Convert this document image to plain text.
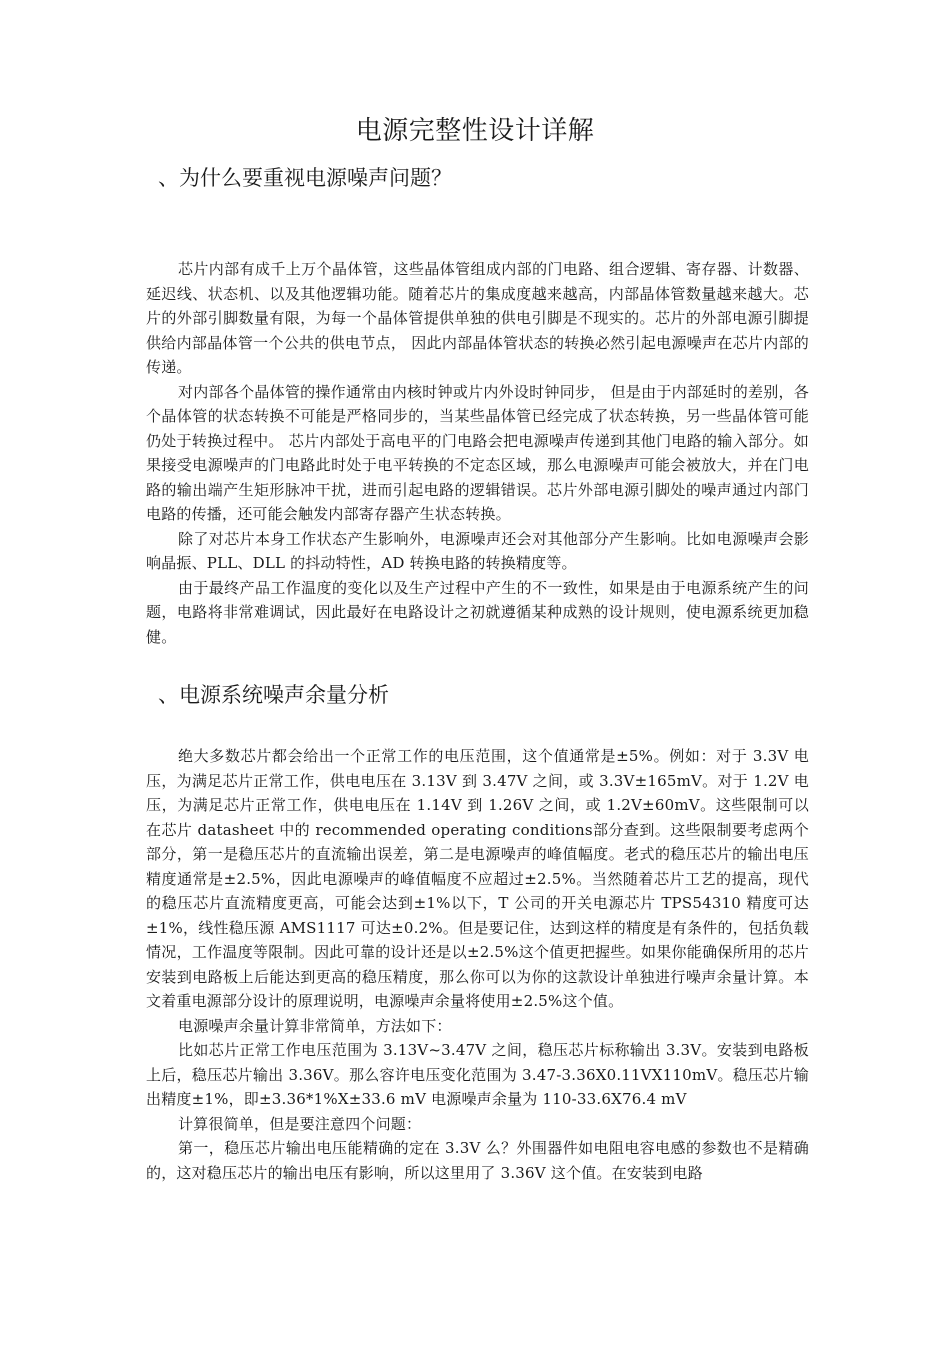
电源完整性设计详解
、为什么要重视电源噪声问题？

芯片内部有成千上万个晶体管，这些晶体管组成内部的门电路、组合逻辑、寄存器、计数器、延迟线、状态机、以及其他逻辑功能。随着芯片的集成度越来越高，内部晶体管数量越来越大。芯片的外部引脚数量有限，为每一个晶体管提供单独的供电引脚是不现实的。芯片的外部电源引脚提供给内部晶体管一个公共的供电节点， 因此内部晶体管状态的转换必然引起电源噪声在芯片内部的传递。

对内部各个晶体管的操作通常由内核时钟或片内外设时钟同步， 但是由于内部延时的差别，各个晶体管的状态转换不可能是严格同步的，当某些晶体管已经完成了状态转换，另一些晶体管可能仍处于转换过程中。 芯片内部处于高电平的门电路会把电源噪声传递到其他门电路的输入部分。如果接受电源噪声的门电路此时处于电平转换的不定态区域，那么电源噪声可能会被放大，并在门电路的输出端产生矩形脉冲干扰，进而引起电路的逻辑错误。芯片外部电源引脚处的噪声通过内部门电路的传播，还可能会触发内部寄存器产生状态转换。

除了对芯片本身工作状态产生影响外，电源噪声还会对其他部分产生影响。比如电源噪声会影响晶振、PLL、DLL 的抖动特性，AD 转换电路的转换精度等。

由于最终产品工作温度的变化以及生产过程中产生的不一致性，如果是由于电源系统产生的问题，电路将非常难调试，因此最好在电路设计之初就遵循某种成熟的设计规则，使电源系统更加稳健。

、电源系统噪声余量分析

绝大多数芯片都会给出一个正常工作的电压范围，这个值通常是±5%。例如：对于 3.3V 电压，为满足芯片正常工作，供电电压在 3.13V 到 3.47V 之间，或 3.3V±165mV。对于 1.2V 电压，为满足芯片正常工作，供电电压在 1.14V 到 1.26V 之间，或 1.2V±60mV。这些限制可以在芯片 datasheet 中的 recommended operating conditions部分查到。这些限制要考虑两个部分，第一是稳压芯片的直流输出误差，第二是电源噪声的峰值幅度。老式的稳压芯片的输出电压精度通常是±2.5%，因此电源噪声的峰值幅度不应超过±2.5%。当然随着芯片工艺的提高，现代的稳压芯片直流精度更高，可能会达到±1%以下，T 公司的开关电源芯片 TPS54310 精度可达±1%，线性稳压源 AMS1117 可达±0.2%。但是要记住，达到这样的精度是有条件的，包括负载情况，工作温度等限制。因此可靠的设计还是以±2.5%这个值更把握些。如果你能确保所用的芯片安装到电路板上后能达到更高的稳压精度，那么你可以为你的这款设计单独进行噪声余量计算。本文着重电源部分设计的原理说明，电源噪声余量将使用±2.5%这个值。

电源噪声余量计算非常简单，方法如下：

比如芯片正常工作电压范围为 3.13V~3.47V 之间，稳压芯片标称输出 3.3V。安装到电路板上后，稳压芯片输出 3.36V。那么容许电压变化范围为 3.47-3.36X0.11VX110mV。稳压芯片输出精度±1%，即±3.36*1%X±33.6 mV 电源噪声余量为 110-33.6X76.4 mV

计算很简单，但是要注意四个问题：

第一，稳压芯片输出电压能精确的定在 3.3V 么？外围器件如电阻电容电感的参数也不是精确的，这对稳压芯片的输出电压有影响，所以这里用了 3.36V 这个值。在安装到电路
